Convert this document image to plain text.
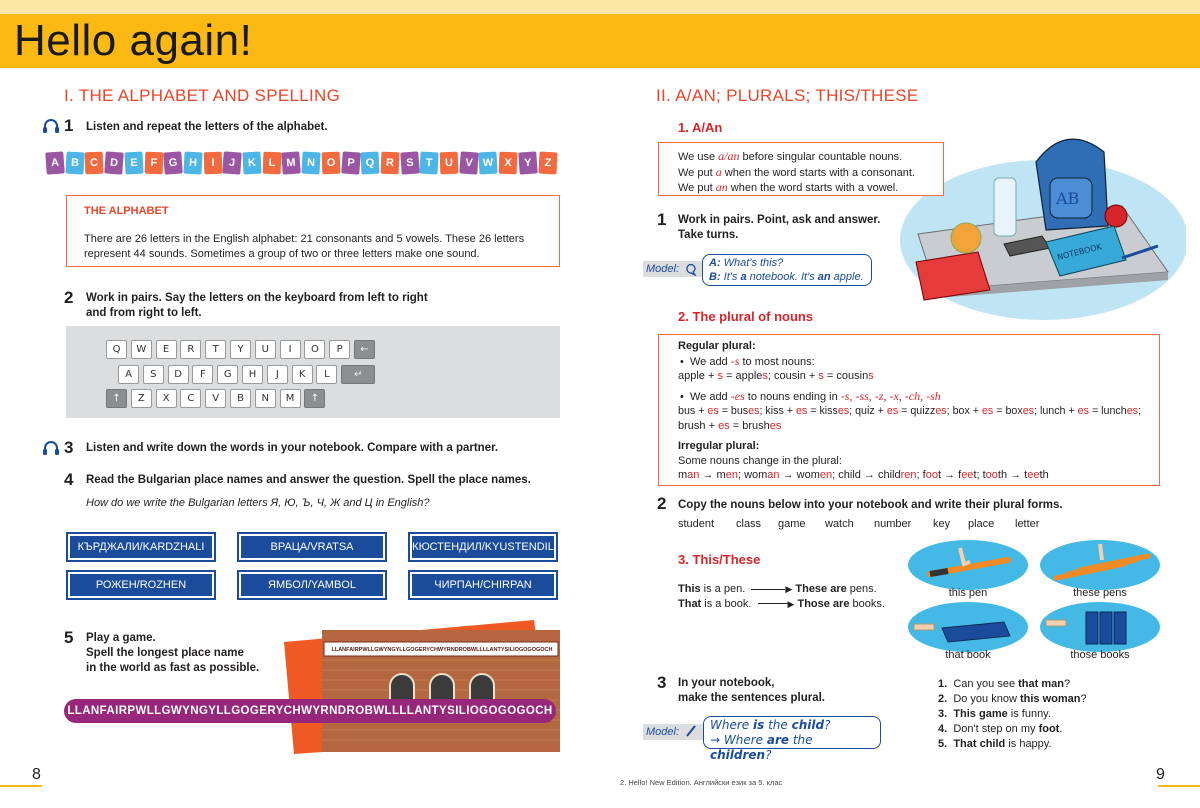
Hello again!
I. THE ALPHABET AND SPELLING
1 Listen and repeat the letters of the alphabet.
A	B	C	D	E	F	G H	I	J	K	L	M N O	P	Q R	S	T	U	V W X	Y	Z
THE ALPHABET
There are 26 letters in the English alphabet: 21 consonants and 5 vowels. These 26 letters represent 44 sounds. Sometimes a group of two or three letters make one sound.
2 Work in pairs. Say the letters on the keyboard from left to right
and from right to left.
Q	W	E	R	T	Y	U	I	O	P	←
A	S	D	F	G	H	J	K	L	↵
↑	Z	X	C	V	B	N	M	↑
3 Listen and write down the words in your notebook. Compare with a partner.
4 Read the Bulgarian place names and answer the question. Spell the place names.
How do we write the Bulgarian letters Я, Ю, Ъ, Ч, Ж and Ц in English?
КЪРДЖАЛИ/KARDZHALI	ВРАЦА/VRATSA	КЮСТЕНДИЛ/KYUSTENDIL
РОЖЕН/ROZHEN	ЯМБОЛ/YAMBOL	ЧИРПАН/CHIRPAN
5 Play a game.
Spell the longest place name
in the world as fast as possible.
LLANFAIRPWLLGWYNGYLLGOGERYCHWYRNDROBWLLLLANTYSILIOGOGOGOCH
LLANFAIRPWLLGWYNGYLLGOGERYCHWYRNDROBWLLLLANTYSILIOGOGOGOCH
8
II. A/AN; PLURALS; THIS/THESE
1. A/An
AB
NOTEBOOK
We use a/an before singular countable nouns.
We put a when the word starts with a consonant.
We put an when the word starts with a vowel.
1 Work in pairs. Point, ask and answer.
Take turns.
Model:	A: What's this?
B: It's a notebook. It's an apple.
2. The plural of nouns
Regular plural:
•  We add -s to most nouns:
apple + s = apples; cousin + s = cousins
•  We add -es to nouns ending in -s, -ss, -z, -x, -ch, -sh
bus + es = buses; kiss + es = kisses; quiz + es = quizzes; box + es = boxes; lunch + es = lunches;
brush + es = brushes
Irregular plural:
Some nouns change in the plural:
man → men; woman → women; child → children; foot → feet; tooth → teeth
2 Copy the nouns below into your notebook and write their plural forms.
student class game watch number key place letter
3. This/These
This is a pen.	▶ These are pens.
That is a book.	▶ Those are books.
this pen	these pens
that book	those books
3 In your notebook,
make the sentences plural.
Model:	Where is the child?
→ Where are the children?
1. Can you see that man?
2. Do you know this woman?
3. This game is funny.
4. Don't step on my foot.
5. That child is happy.
2. Hello! New Edition. Английски език за 5. клас	9
